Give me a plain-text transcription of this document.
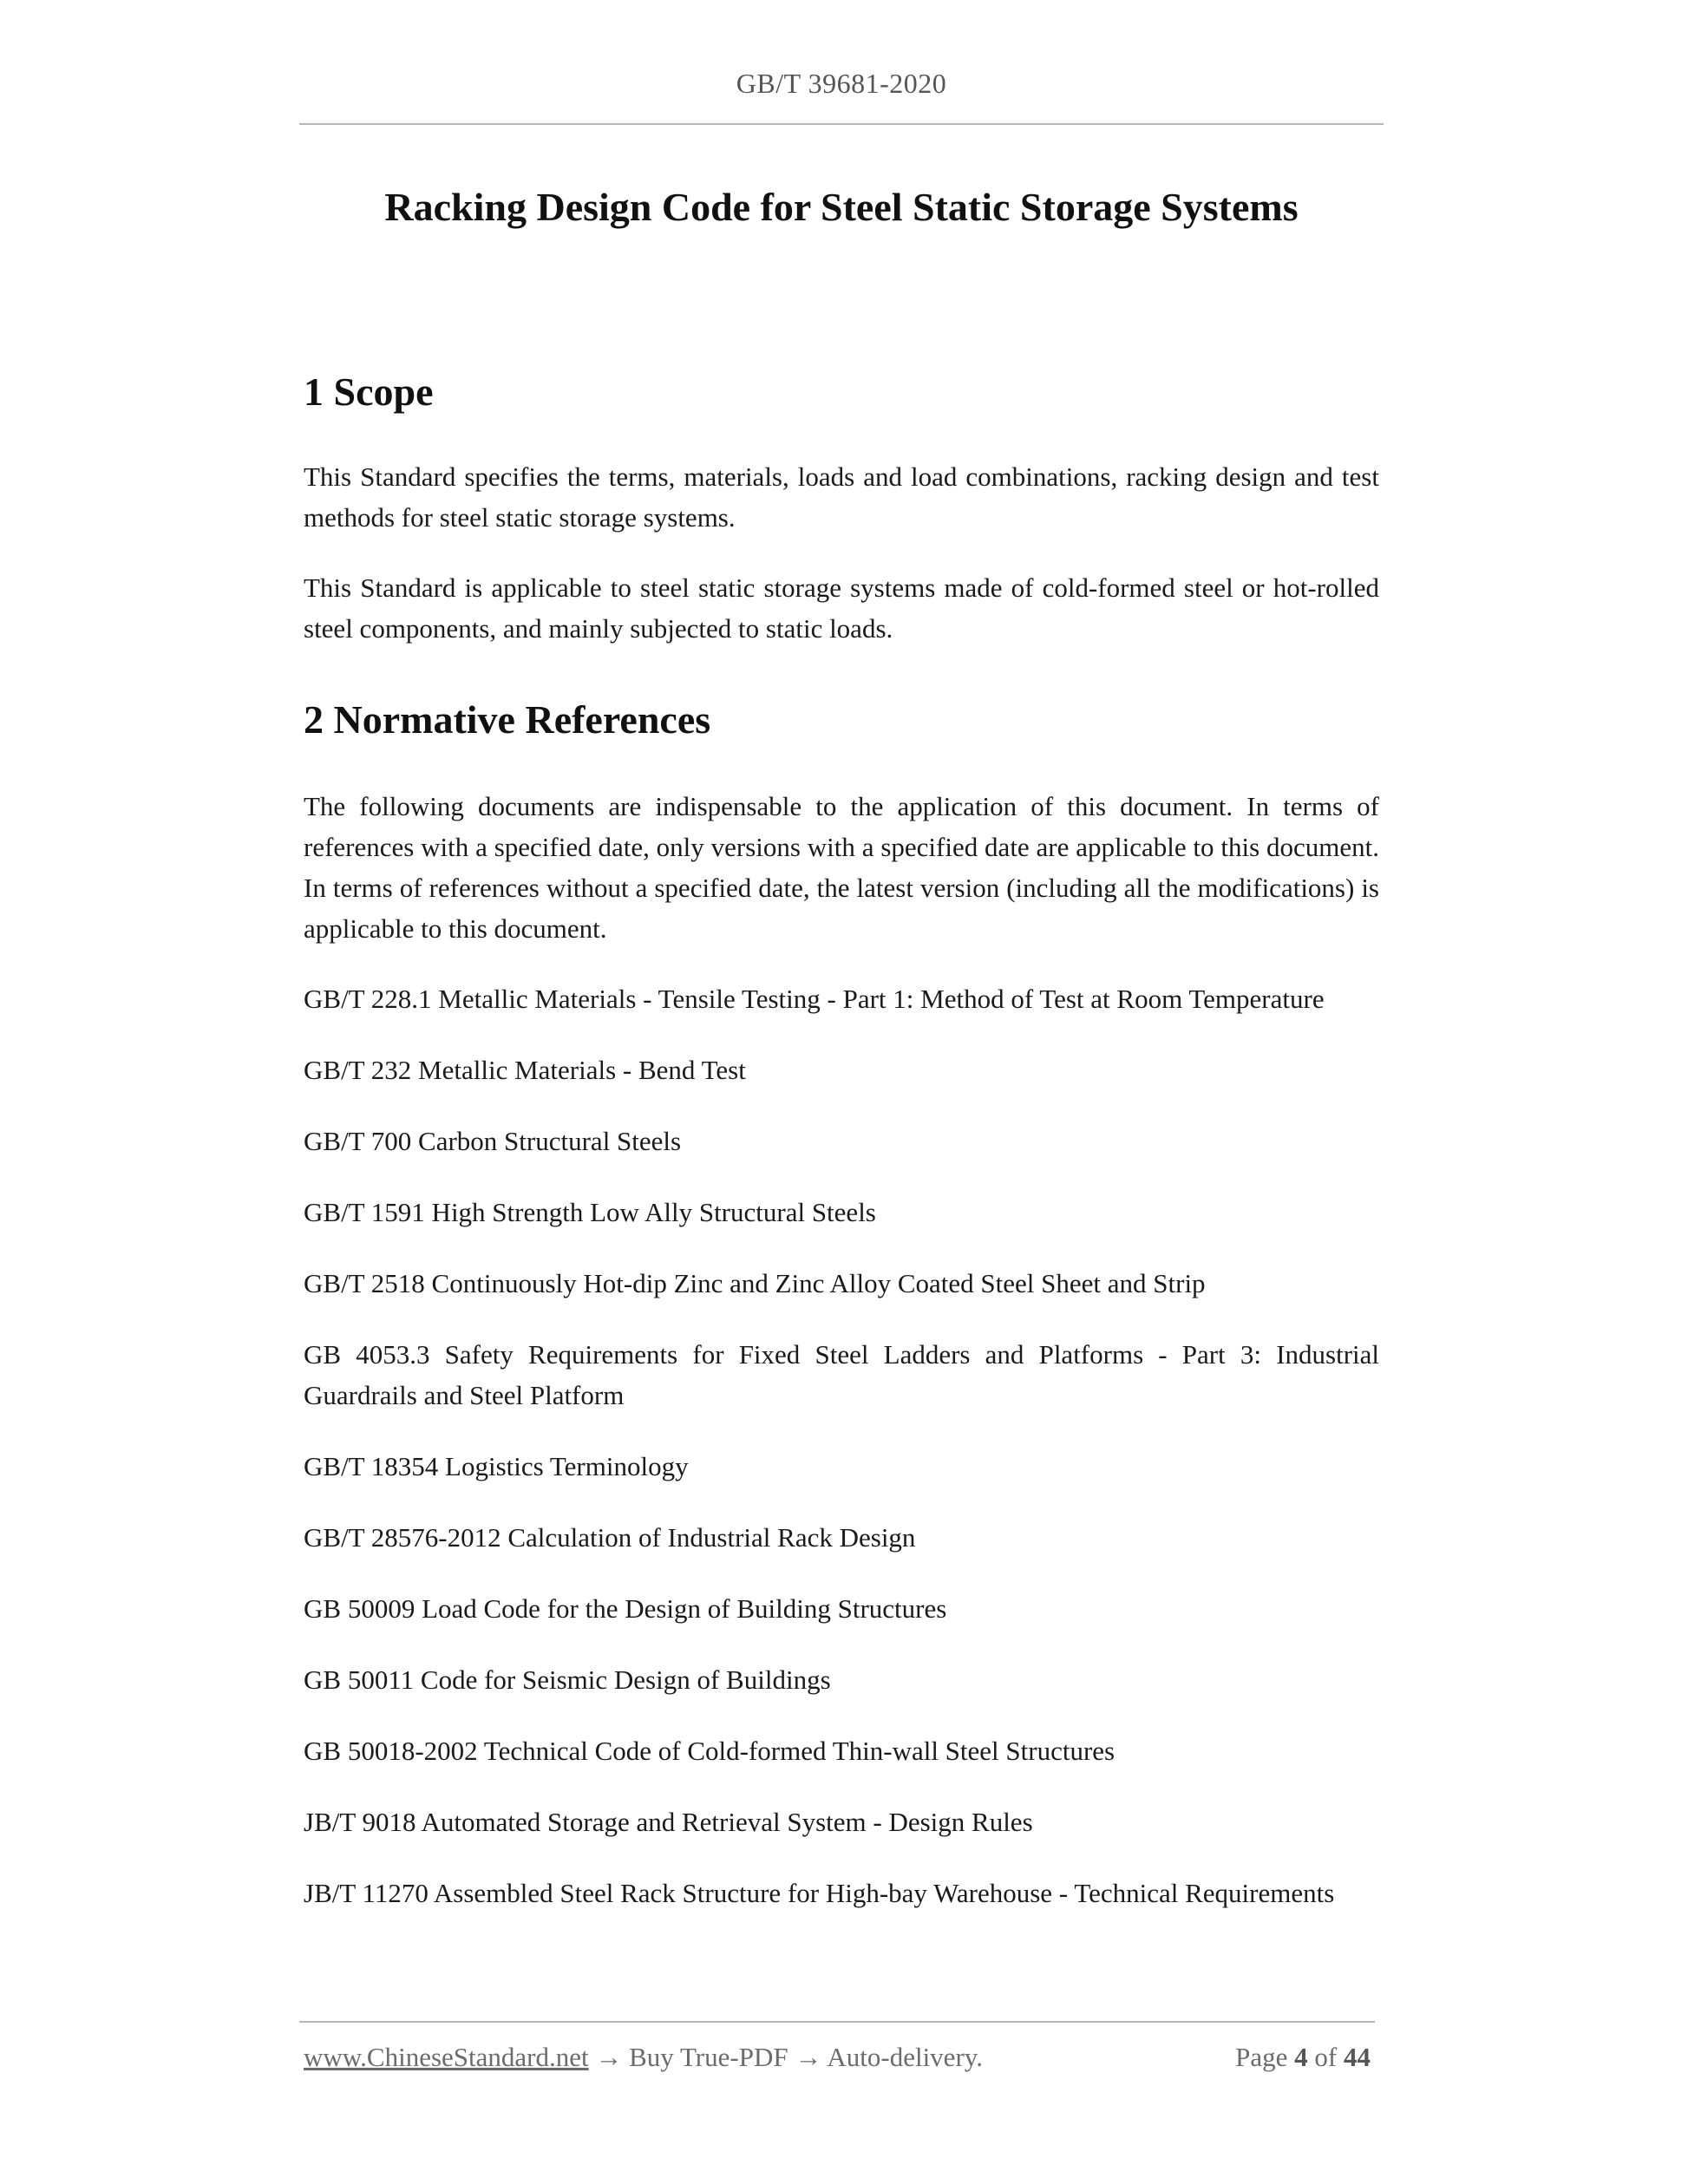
GB/T 39681-2020
Racking Design Code for Steel Static Storage Systems
1 Scope

This Standard specifies the terms, materials, loads and load combinations, racking design and test methods for steel static storage systems.

This Standard is applicable to steel static storage systems made of cold-formed steel or hot-rolled steel components, and mainly subjected to static loads.

2 Normative References

The following documents are indispensable to the application of this document. In terms of references with a specified date, only versions with a specified date are applicable to this document. In terms of references without a specified date, the latest version (including all the modifications) is applicable to this document.

GB/T 228.1 Metallic Materials - Tensile Testing - Part 1: Method of Test at Room Temperature
GB/T 232 Metallic Materials - Bend Test
GB/T 700 Carbon Structural Steels
GB/T 1591 High Strength Low Ally Structural Steels
GB/T 2518 Continuously Hot-dip Zinc and Zinc Alloy Coated Steel Sheet and Strip
GB 4053.3 Safety Requirements for Fixed Steel Ladders and Platforms - Part 3: Industrial Guardrails and Steel Platform
GB/T 18354 Logistics Terminology
GB/T 28576-2012 Calculation of Industrial Rack Design
GB 50009 Load Code for the Design of Building Structures
GB 50011 Code for Seismic Design of Buildings
GB 50018-2002 Technical Code of Cold-formed Thin-wall Steel Structures
JB/T 9018 Automated Storage and Retrieval System - Design Rules
JB/T 11270 Assembled Steel Rack Structure for High-bay Warehouse - Technical Requirements
www.ChineseStandard.net → Buy True-PDF → Auto-delivery.	Page 4 of 44
